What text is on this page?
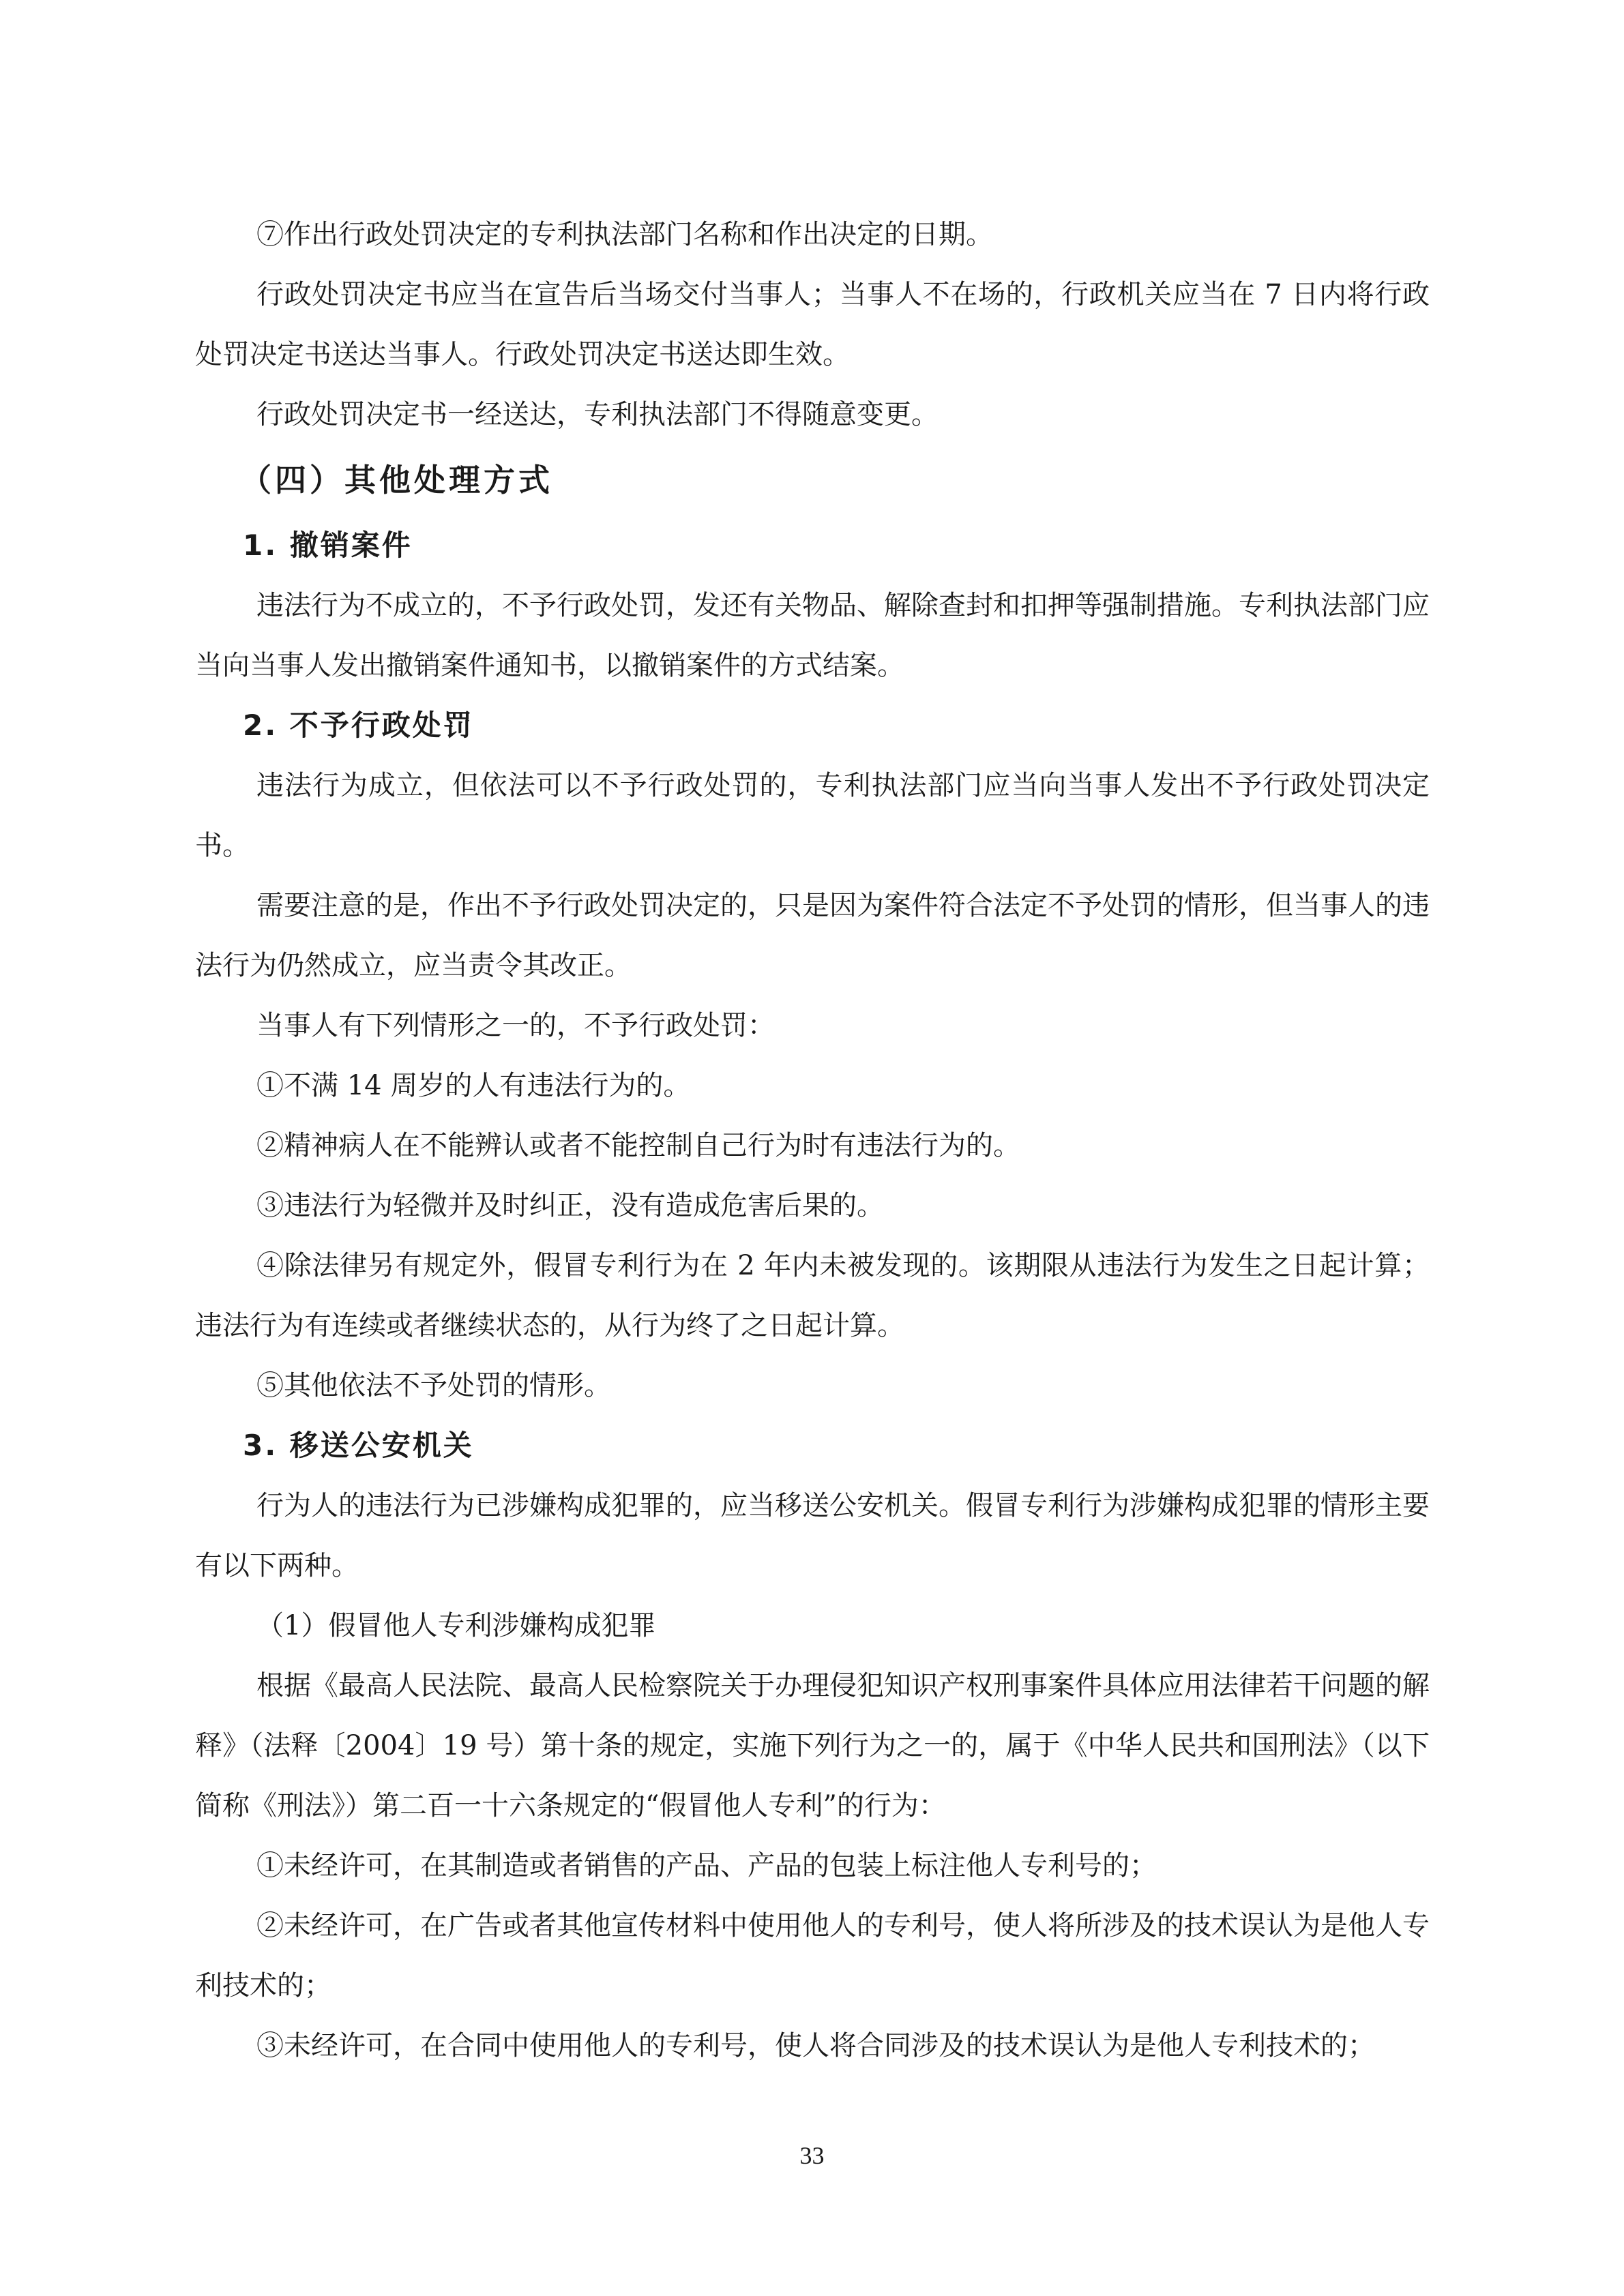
⑦作出行政处罚决定的专利执法部门名称和作出决定的日期。

行政处罚决定书应当在宣告后当场交付当事人；当事人不在场的，行政机关应当在 7 日内将行政处罚决定书送达当事人。行政处罚决定书送达即生效。

行政处罚决定书一经送达，专利执法部门不得随意变更。

（四）其他处理方式
1. 撤销案件

违法行为不成立的，不予行政处罚，发还有关物品、解除查封和扣押等强制措施。专利执法部门应当向当事人发出撤销案件通知书，以撤销案件的方式结案。

2. 不予行政处罚

违法行为成立，但依法可以不予行政处罚的，专利执法部门应当向当事人发出不予行政处罚决定书。

需要注意的是，作出不予行政处罚决定的，只是因为案件符合法定不予处罚的情形，但当事人的违法行为仍然成立，应当责令其改正。

当事人有下列情形之一的，不予行政处罚：

①不满 14 周岁的人有违法行为的。

②精神病人在不能辨认或者不能控制自己行为时有违法行为的。

③违法行为轻微并及时纠正，没有造成危害后果的。

④除法律另有规定外，假冒专利行为在 2 年内未被发现的。该期限从违法行为发生之日起计算；违法行为有连续或者继续状态的，从行为终了之日起计算。

⑤其他依法不予处罚的情形。

3. 移送公安机关

行为人的违法行为已涉嫌构成犯罪的，应当移送公安机关。假冒专利行为涉嫌构成犯罪的情形主要有以下两种。

（1）假冒他人专利涉嫌构成犯罪

根据《最高人民法院、最高人民检察院关于办理侵犯知识产权刑事案件具体应用法律若干问题的解释》（法释〔2004〕19 号）第十条的规定，实施下列行为之一的，属于《中华人民共和国刑法》（以下简称《刑法》）第二百一十六条规定的“假冒他人专利”的行为：

①未经许可，在其制造或者销售的产品、产品的包装上标注他人专利号的；

②未经许可，在广告或者其他宣传材料中使用他人的专利号，使人将所涉及的技术误认为是他人专利技术的；

③未经许可，在合同中使用他人的专利号，使人将合同涉及的技术误认为是他人专利技术的；

33
